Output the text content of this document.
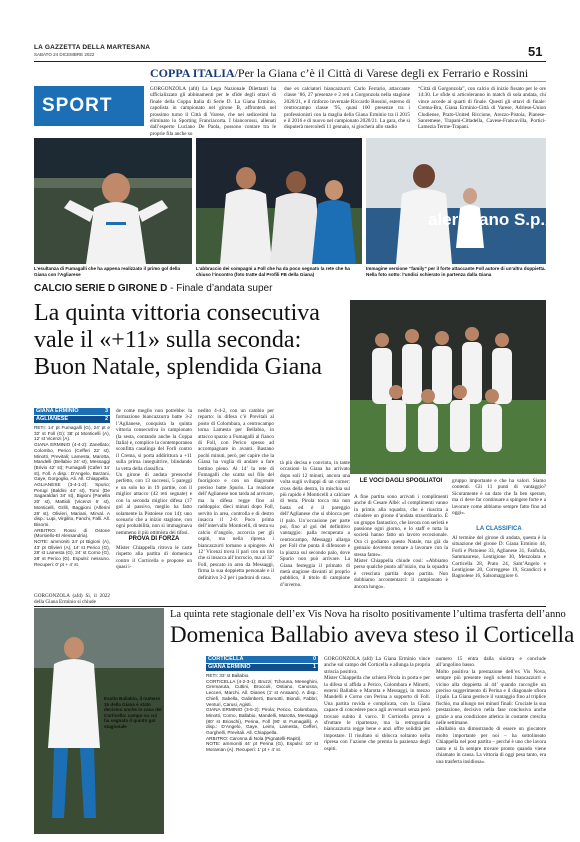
LA GAZZETTA DELLA MARTESANA
SABATO 24 DICEMBRE 2022	51
SPORT
COPPA ITALIA/Per la Giana c’è il Città di Varese degli ex Ferrario e Rossini
GORGONZOLA (afd) La Lega Nazionale Dilettanti ha ufficializzato gli abbinamenti per le sfide degli ottavi di finale della Coppa Italia di Serie D. La Giana Erminio, capolista in campionato nel girone B, affronterà nel prossimo turno il Città di Varese, che nei sedicesimi ha eliminato lo Sporting Franciacorta. I biancorossi, allenati dall’esperto Luciano De Paola, possono contare tra le proprie fila anche su
due ex calciatori biancazzurri: Carlo Ferrario, attaccante classe ’86, 27 presenze e 2 reti a Gorgonzola nella stagione 2020/21, e il rinforzo invernale Riccardo Rossini, esterno di centrocampo classe ’95, quasi 100 presenze tra i professionisti con la maglia della Giana Erminio tra il 2015 e il 2016 e di nuovo nel campionato 2020/21. La gara, che si disputerà mercoledì 11 gennaio, si giocherà allo stadio
“Città di Gorgonzola”, con calcio di inizio fissato per le ore 14:30. Le sfide si articoleranno in match di sola andata, chi vince accede ai quarti di finale. Questi gli ottavi di finale: Crema-Bra, Giana Erminio-Città di Varese, Adriese-Union Clodiense, Prato-United Riccione, Arezzo-Pistoia, Pianese-Sanremese, Trapani-Cittadella, Cavese-Francavilla, Portici-Lamezia Terme-Trapani.
L’esultanza di Fumagalli che ha appena realizzato il primo gol della Giana con l’Agliarese
L’abbraccio dei compagni a Foll che ha da poco segnato la rete che ha chiuso l’incontro (foto tratte dal Profili FB della Giana)
alernitano S.p.A.
Immagine versione “family” per il forte attaccante Foll autore di un’altra doppietta. Nella foto sotto: l’undici schierato in partenza dalla Giana
CALCIO SERIE D GIRONE D - Finale d’andata super
La quinta vittoria consecutiva
vale il «+11» sulla seconda:
Buon Natale, splendida Giana
GIANA ERMINIO	3
AGLIANESE	2
RETI: 14’ pt Fumagalli (G), 24’ pt e 32’ st Foll (G); 38’ pt Monticelli (A), 12’ st Vicenzi (A).
GIANA ERMINIO (4-4-2): Zanellato; Colombo, Perico (Cefferi 22’ st), Minotti, Previtali; Lamesta, Marotta, Mandelli (Bellabio 24’ st), Messaggi (Brivio 42’ st); Fumagalli (Caferi 34’ st), Foll. A disp.: D’Angelo, Barzani, Gaye, Gorgoglio, Ali. All. Chiappella.
AGLIANESE (3-4-1-2): Spurio; Perugi (Baldini 44’ st), Tomi (De Sagaraldari 34’ st), Bigioni (Panella 20’ st), Mattioli (Vicenzi 6’ st), Monticelli, Grilli, Baggioni (Alferini 26’ st), Olivieri, Mariani, Mirval. A disp.: Lupi, Virgilito, Fanchi, Falli. All. Bisorni.
ARBITRO: Rossi di Ostone (Morsiello-El Alessandria).
NOTE: ammoniti 24’ pt Bigioni (A), 43’ pt Olivieri (A), 14’ st Perico (G), 28’ st Lamesta (G), 24’ st Corno (G), 28’ st Perico (G). Espulsi: nessuno. Recuperi: 0’ pt + 4’ st.
GORGONZOLA (afd) Sì, il 2022 della Giana Erminio si chiude
de come meglio non potrebbe: la formazione biancazzurra batte 3-2 l’Aglianese, conquista la quinta vittoria consecutiva in campionato (la sesta, contando anche la Coppa Italia) e, complice la contemporanea sconfitta casalinga del Forlì contro il Crema, si porta addirittura a +11 sulla prima inseguitrice, blindando la vetta della classifica.
Un girone di andata pressoché perfetto, con 13 successi, 5 pareggi e un solo ko in 19 partite, con il miglior attacco (42 reti segnate) e con la seconda miglior difesa (17 gol al passivo, meglio ha fatto solamente la Pistoiese con 14): uno scenario che a inizio stagione, con ogni probabilità, non si immaginava nemmeno il più ottimista dei tifosi.
PROVA DI FORZA
Mister Chiappella ritrova le carte rispetto alla partita di domenica contro il Corticella e propone un quasi i-
nedito 4-4-2, con un cambio per reparto: in difesa c’è Previtali al posto di Colombara, a centrocampo torna Lamesta per Bellabio, in attacco spazio a Fumagalli al fianco di Foll, con Perico spesso ad accompagnare in avanti. Bastano pochi minuti, però, per capire che la Giana ha voglia di andare a fare bottino pieno. Al 14’ la rete di Fumagalli che scatta sul filo del fuorigioco e con un diagonale preciso batte Spurio. La reazione dell’Aglianese non tarda ad arrivare, ma la difesa regge fino al raddoppio: dieci minuti dopo Foll, servito in area, controlla e di destro insacca il 2-0. Poco prima dell’intervallo Monticelli, di testa su calcio d’angolo, accorcia per gli ospiti, ma nella ripresa i biancazzurri tornano a spingere. Al 12’ Vicenzi trova il pari con un tiro che si insacca all’incrocio, ma al 32’ Foll, pescato in area da Messaggi, firma la sua doppietta personale e il definitivo 3-2 per i padroni di casa.
tà più decisa e convinta, in tante occasioni la Giana ha arrivato dopo soli 12 minuti, ancora una volta sugli sviluppi di un corner: cross della destra, in mischia sul più rapido è Monticelli a calciare di testa. Pirola tocca ma non basta ed è il pareggio dell’Aglianese che si sblocca per il palo. Un’occasione per parte poi, fino al gol del definitivo vantaggio: palla recuperata a centrocampo, Messaggi allarga per Foll che punta il difensore e la piazza sul secondo palo, dove Spurio non può arrivare. La Giana festeggia il primato di metà stagione davanti al proprio pubblico, il titolo di campione d’inverno.
LE VOCI DAGLI SPOGLIATOI
A fine partita sono arrivati i complimenti anche di Cesare Albè: «I complimenti vanno in primis alla squadra, che è riuscita a chiudere un girone d’andata straordinario. È un gruppo fantastico, che lavora con serietà e passione ogni giorno, e lo staff e tutta la società hanno fatto un lavoro eccezionale. Ora ci godiamo questo Natale, ma già da gennaio dovremo tornare a lavorare con la stessa fame».
Mister Chiappella chiude così: «Abbiamo perso qualche punto all’inizio, ma la squadra è cresciuta partita dopo partita. Non dobbiamo accontentarci: il campionato è ancora lungo».
gruppo importante e che ha valori. Siamo contenti. Gli 11 punti di vantaggio? Sicuramente è un dato che fa ben sperare, ma ci deve far continuare a spingere forte e a lavorare come abbiamo sempre fatto fino ad oggi».
LA CLASSIFICA
Al termine del girone di andata, questa è la situazione del girone D: Giana Erminio 44, Forlì e Pistoiese 33, Aglianese 31, Fanfulla, Sammaurese, Lentigione 30, Mezzolara e Corticella 28, Prato 24, Sant’Angelo e Lentigione 20, Correggese 19, Scandicci e Bagnolese 16, Salsomaggiore 6.
La quinta rete stagionale dell’ex Vis Nova ha risolto positivamente l’ultima trasferta dell’anno
Domenica Ballabio aveva steso il Corticella
Esulta Ballabio, il numero 15 della Giana è stato decisivo anche in casa del Corticella: campo su cui ha segnato il quinto gol stagionale
CORTICELLA	0
GIANA ERMINIO	1
RETI: 33’ st Ballabio.
CORTICELLA (4-2-3-1): Bruzzi; Tchouna, Meneghini, Cimmaruta, Cuttini, Broccoli, Ostiano, Canossa, Lecceri, Marchi. All. Dianes (1’ st Ansaam). A disp.: Chiefi, Sabella, Galimberti, Borsotti, Biondi, Fabbri, Venturi, Carusi, Agisti.
GIANA ERMINIO (3-5-2): Pirola; Perico, Colombara, Minotti, Corno, Ballabio, Mandelli, Marotta, Messaggi (80’ st Brioschi), Perina, Foll (90’ st Fumagalli). A disp.: D’Angelo, Gaye, Leimi, Lamesta, Cefferi, Gorghelli, Previtali. All. Chiappella.
ARBITRO: Caronna di Nola (Pignatelli-Rapiti).
NOTE: ammoniti 44’ pt Perina (G), Espulsi: 10’ st Moraman (A). Recuperi: 1’ pt + 4’ st.
GORGONZOLA (afd) La Giana Erminio vince anche sul campo del Corticella e allunga la propria striscia positiva.
Mister Chiappella che schiera Pirola in porta e per la difesa si affida a Perico, Colombara e Minotti, esterni Ballabio e Marotta e Messaggi, in mezzo Mandelli e Corno con Perina a supporto di Foll. Una partita ruvida e complicata, con la Giana capace di concedere poco agli avversari senza però trovare subito il varco. Il Corticella prova a sfruttare le ripartenze, ma la retroguardia biancazzurra regge bene e anzi offre solidità per impostare. Il risultato si sblocca soltanto nella ripresa con l’azione che premia la pazienza degli ospiti.
numero 15 entra dalla sinistra e conclude all’angolino basso.
Molto positiva la prestazione dell’ex Vis Nova, sempre più presente negli schemi biancazzurri e vicino alla doppietta al 44’ quando raccoglie un preciso suggerimento di Perina e il diagonale sfiora il palo. La Giana gestisce il vantaggio fino al triplice fischio, ma allungo nei minuti finali: Cruciale la sua prestazione, decisivo nella fase conclusiva anche grazie a una condizione atletica in costante crescita nelle settimane.
«Ballabio sta dimostrando di essere un giocatore molto importante per noi – ha sottolineato Chiappella nel post partita – perché è uno che lavora tanto e si fa sempre trovare pronto quando viene chiamato in causa. La vittoria di oggi pesa tanto, era una trasferta insidiosa».
